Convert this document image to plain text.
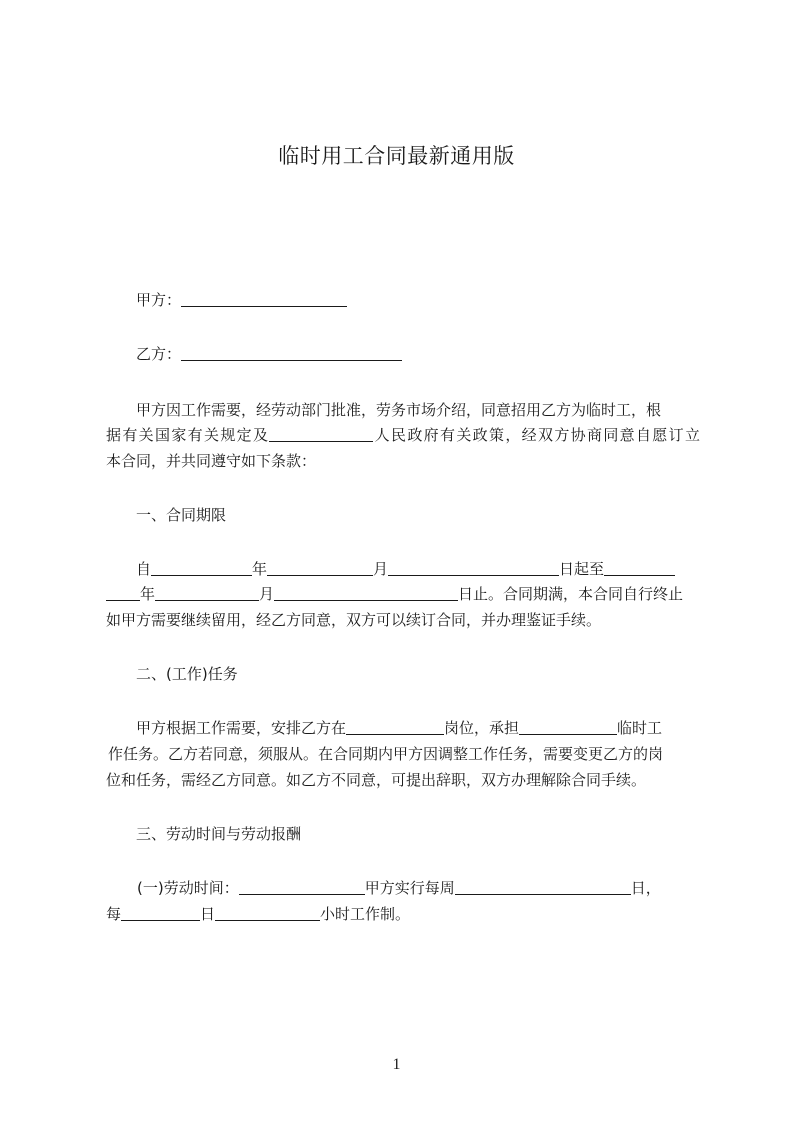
临时用工合同最新通用版
甲方：
乙方：
甲方因工作需要，经劳动部门批准，劳务市场介绍，同意招用乙方为临时工，根
据有关国家有关规定及	人民政府有关政策，经双方协商同意自愿订立
本合同，并共同遵守如下条款：
一、合同期限
自	年	月	日起至
年	月	日止。合同期满，本合同自行终止
如甲方需要继续留用，经乙方同意，双方可以续订合同，并办理鉴证手续。
二、(工作)任务
甲方根据工作需要，安排乙方在	岗位，承担	临时工
作任务。乙方若同意，须服从。在合同期内甲方因调整工作任务，需要变更乙方的岗
位和任务，需经乙方同意。如乙方不同意，可提出辞职，双方办理解除合同手续。
三、劳动时间与劳动报酬
(一)劳动时间：	甲方实行每周	日，
每	日	小时工作制。
1
